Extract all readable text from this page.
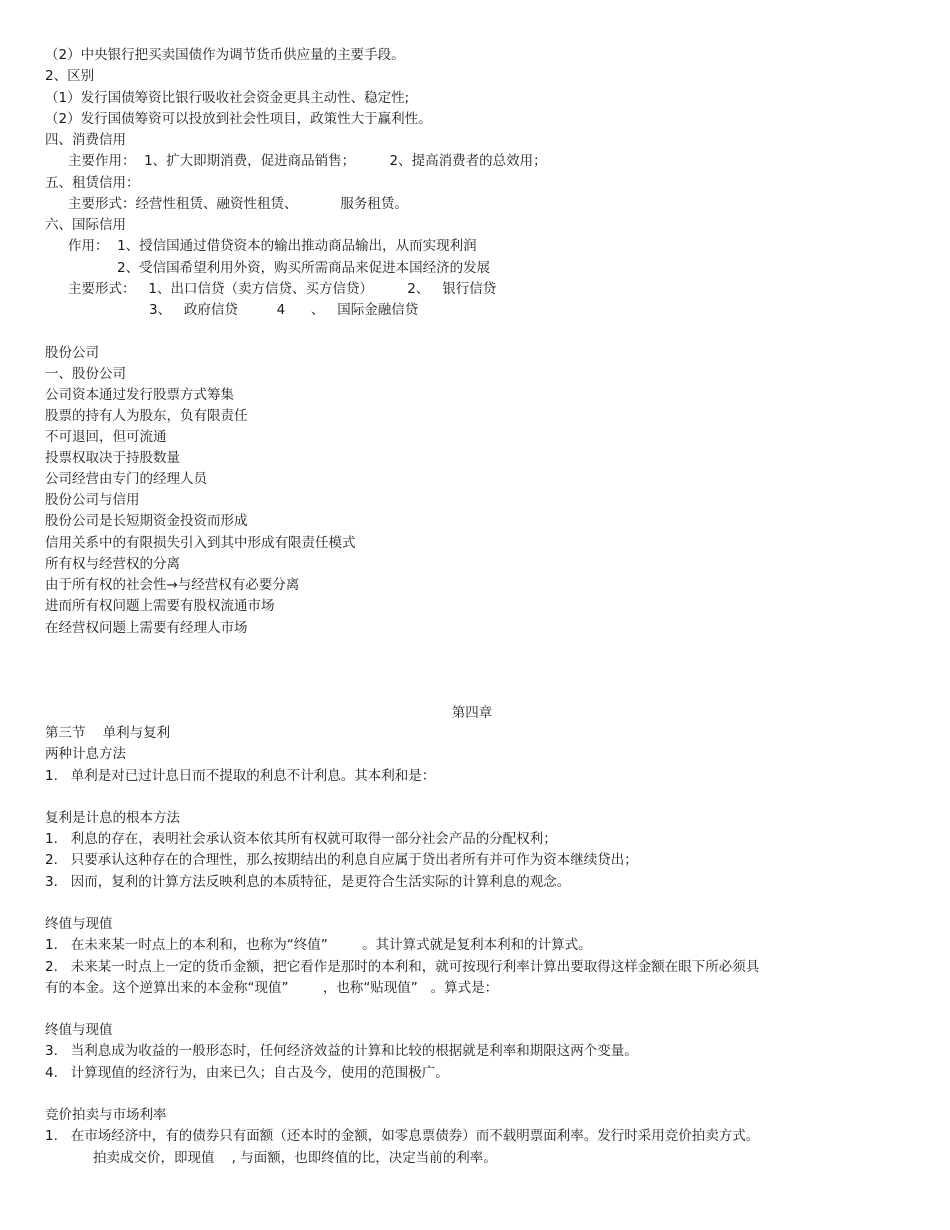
（2）中央银行把买卖国债作为调节货币供应量的主要手段。
2、区别
（1）发行国债筹资比银行吸收社会资金更具主动性、稳定性;
（2）发行国债筹资可以投放到社会性项目，政策性大于赢利性。
四、消费信用
主要作用：  1、扩大即期消费，促进商品销售；        2、提高消费者的总效用；
五、租赁信用：
主要形式：经营性租赁、融资性租赁、          服务租赁。
六、国际信用
作用：  1、授信国通过借贷资本的输出推动商品输出，从而实现利润
2、受信国希望利用外资，购买所需商品来促进本国经济的发展
主要形式：   1、出口信贷（卖方信贷、买方信贷）        2、   银行信贷
3、   政府信贷         4      、   国际金融信贷
股份公司
一、股份公司
公司资本通过发行股票方式筹集
股票的持有人为股东，负有限责任
不可退回，但可流通
投票权取决于持股数量
公司经营由专门的经理人员
股份公司与信用
股份公司是长短期资金投资而形成
信用关系中的有限损失引入到其中形成有限责任模式
所有权与经营权的分离
由于所有权的社会性→与经营权有必要分离
进而所有权问题上需要有股权流通市场
在经营权问题上需要有经理人市场
第四章
第三节    单利与复利
两种计息方法
1.   单利是对已过计息日而不提取的利息不计利息。其本利和是：
复利是计息的根本方法
1.   利息的存在，表明社会承认资本依其所有权就可取得一部分社会产品的分配权利；
2.   只要承认这种存在的合理性，那么按期结出的利息自应属于贷出者所有并可作为资本继续贷出；
3.   因而，复利的计算方法反映利息的本质特征，是更符合生活实际的计算利息的观念。
终值与现值
1.   在未来某一时点上的本利和，也称为“终值”        。其计算式就是复利本利和的计算式。
2.   未来某一时点上一定的货币金额，把它看作是那时的本利和，就可按现行利率计算出要取得这样金额在眼下所必须具
有的本金。这个逆算出来的本金称“现值”        ，也称“贴现值”   。算式是：
终值与现值
3.   当利息成为收益的一般形态时，任何经济效益的计算和比较的根据就是利率和期限这两个变量。
4.   计算现值的经济行为，由来已久；自古及今，使用的范围极广。
竞价拍卖与市场利率
1.   在市场经济中，有的债券只有面额（还本时的金额，如零息票债券）而不载明票面利率。发行时采用竞价拍卖方式。
拍卖成交价，即现值    , 与面额，也即终值的比，决定当前的利率。
